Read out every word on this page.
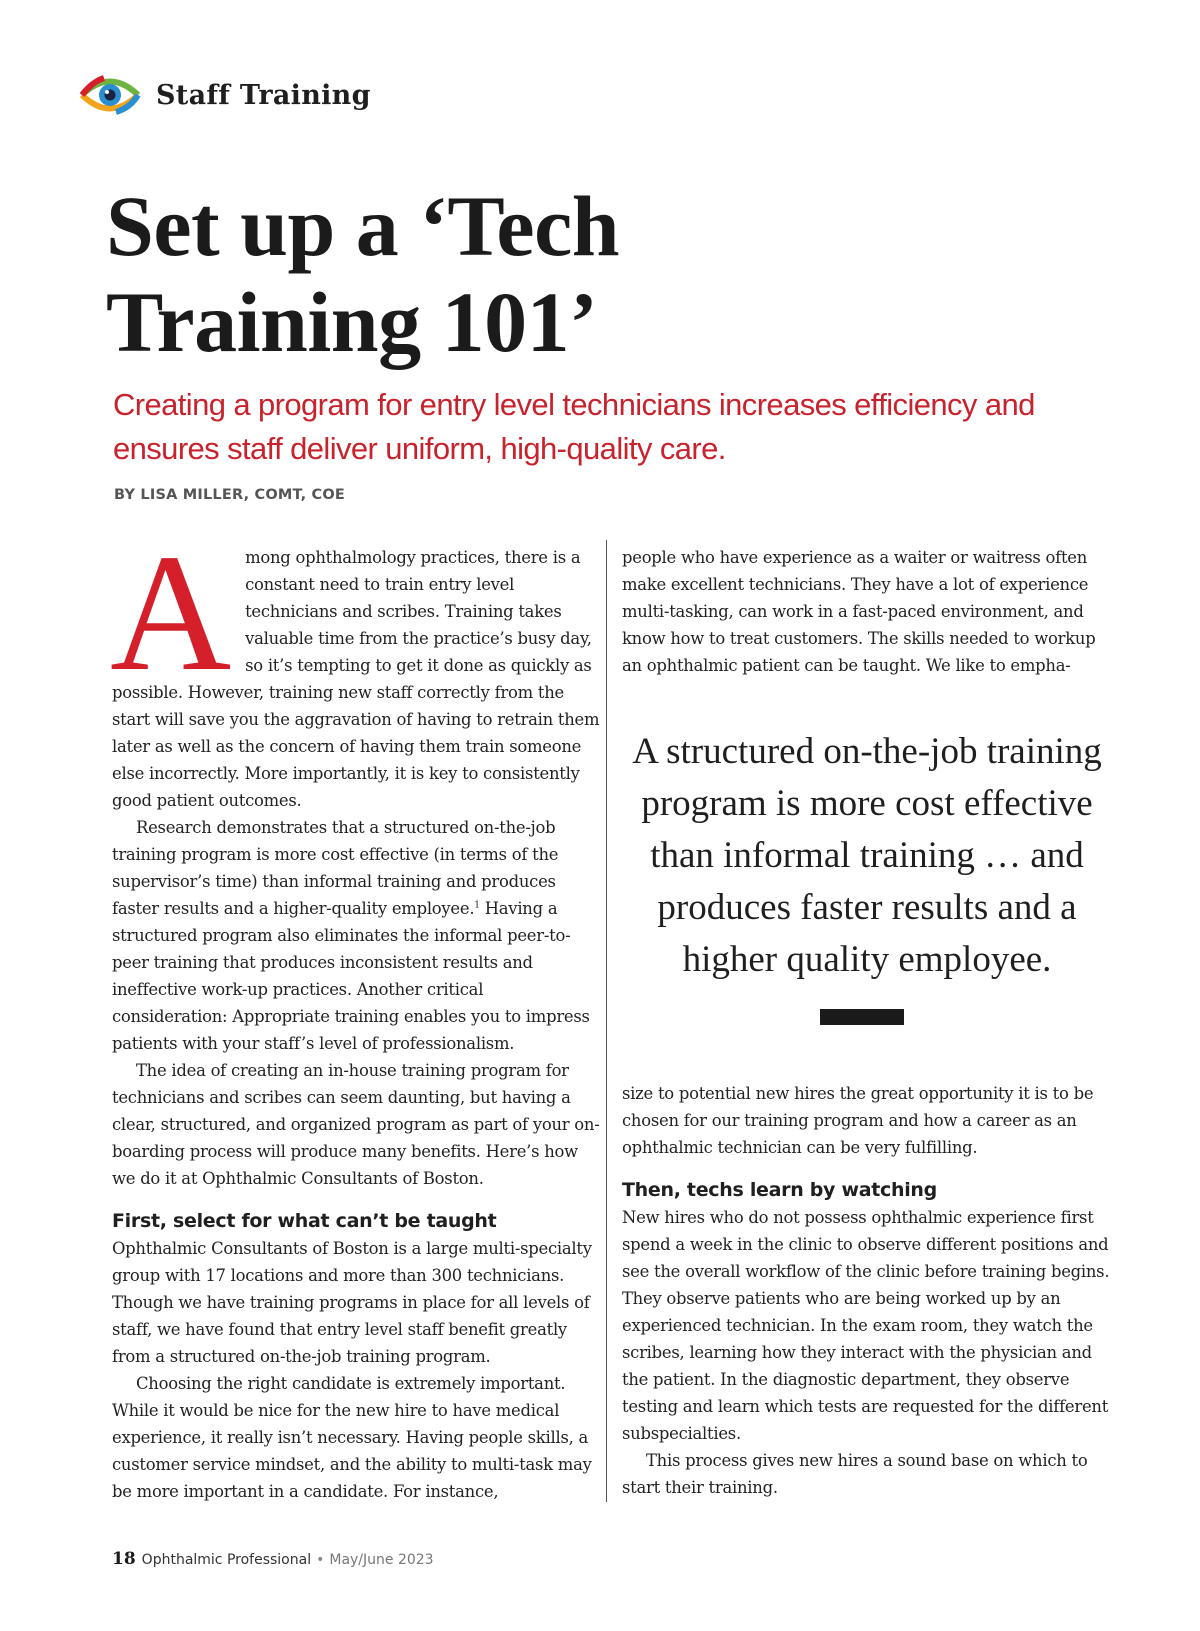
Staff Training
Set up a ‘Tech Training 101’
Creating a program for entry level technicians increases efficiency and ensures staff deliver uniform, high-quality care.
BY LISA MILLER, COMT, COE
A mong ophthalmology practices, there is a constant need to train entry level technicians and scribes. Training takes valuable time from the practice’s busy day, so it’s tempting to get it done as quickly as possible. However, training new staff correctly from the start will save you the aggravation of having to retrain them later as well as the concern of having them train someone else incorrectly. More importantly, it is key to consistently good patient outcomes.

Research demonstrates that a structured on-the-job training program is more cost effective (in terms of the supervisor’s time) than informal training and produces faster results and a higher-quality employee.$^1$ Having a structured program also eliminates the informal peer-to-peer training that produces inconsistent results and ineffective work-up practices. Another critical consideration: Appropriate training enables you to impress patients with your staff’s level of professionalism.

The idea of creating an in-house training program for technicians and scribes can seem daunting, but having a clear, structured, and organized program as part of your on-boarding process will produce many benefits. Here’s how we do it at Ophthalmic Consultants of Boston.

First, select for what can’t be taught

Ophthalmic Consultants of Boston is a large multi-specialty group with 17 locations and more than 300 technicians. Though we have training programs in place for all levels of staff, we have found that entry level staff benefit greatly from a structured on-the-job training program.

Choosing the right candidate is extremely important. While it would be nice for the new hire to have medical experience, it really isn’t necessary. Having people skills, a customer service mindset, and the ability to multi-task may be more important in a candidate. For instance,

people who have experience as a waiter or waitress often make excellent technicians. They have a lot of experience multi-tasking, can work in a fast-paced environment, and know how to treat customers. The skills needed to workup an ophthalmic patient can be taught. We like to empha-

A structured on-the-job training program is more cost effective than informal training … and produces faster results and a higher quality employee.

size to potential new hires the great opportunity it is to be chosen for our training program and how a career as an ophthalmic technician can be very fulfilling.

Then, techs learn by watching

New hires who do not possess ophthalmic experience first spend a week in the clinic to observe different positions and see the overall workflow of the clinic before training begins. They observe patients who are being worked up by an experienced technician. In the exam room, they watch the scribes, learning how they interact with the physician and the patient. In the diagnostic department, they observe testing and learn which tests are requested for the different subspecialties.

This process gives new hires a sound base on which to start their training.

18 Ophthalmic Professional • May/June 2023
